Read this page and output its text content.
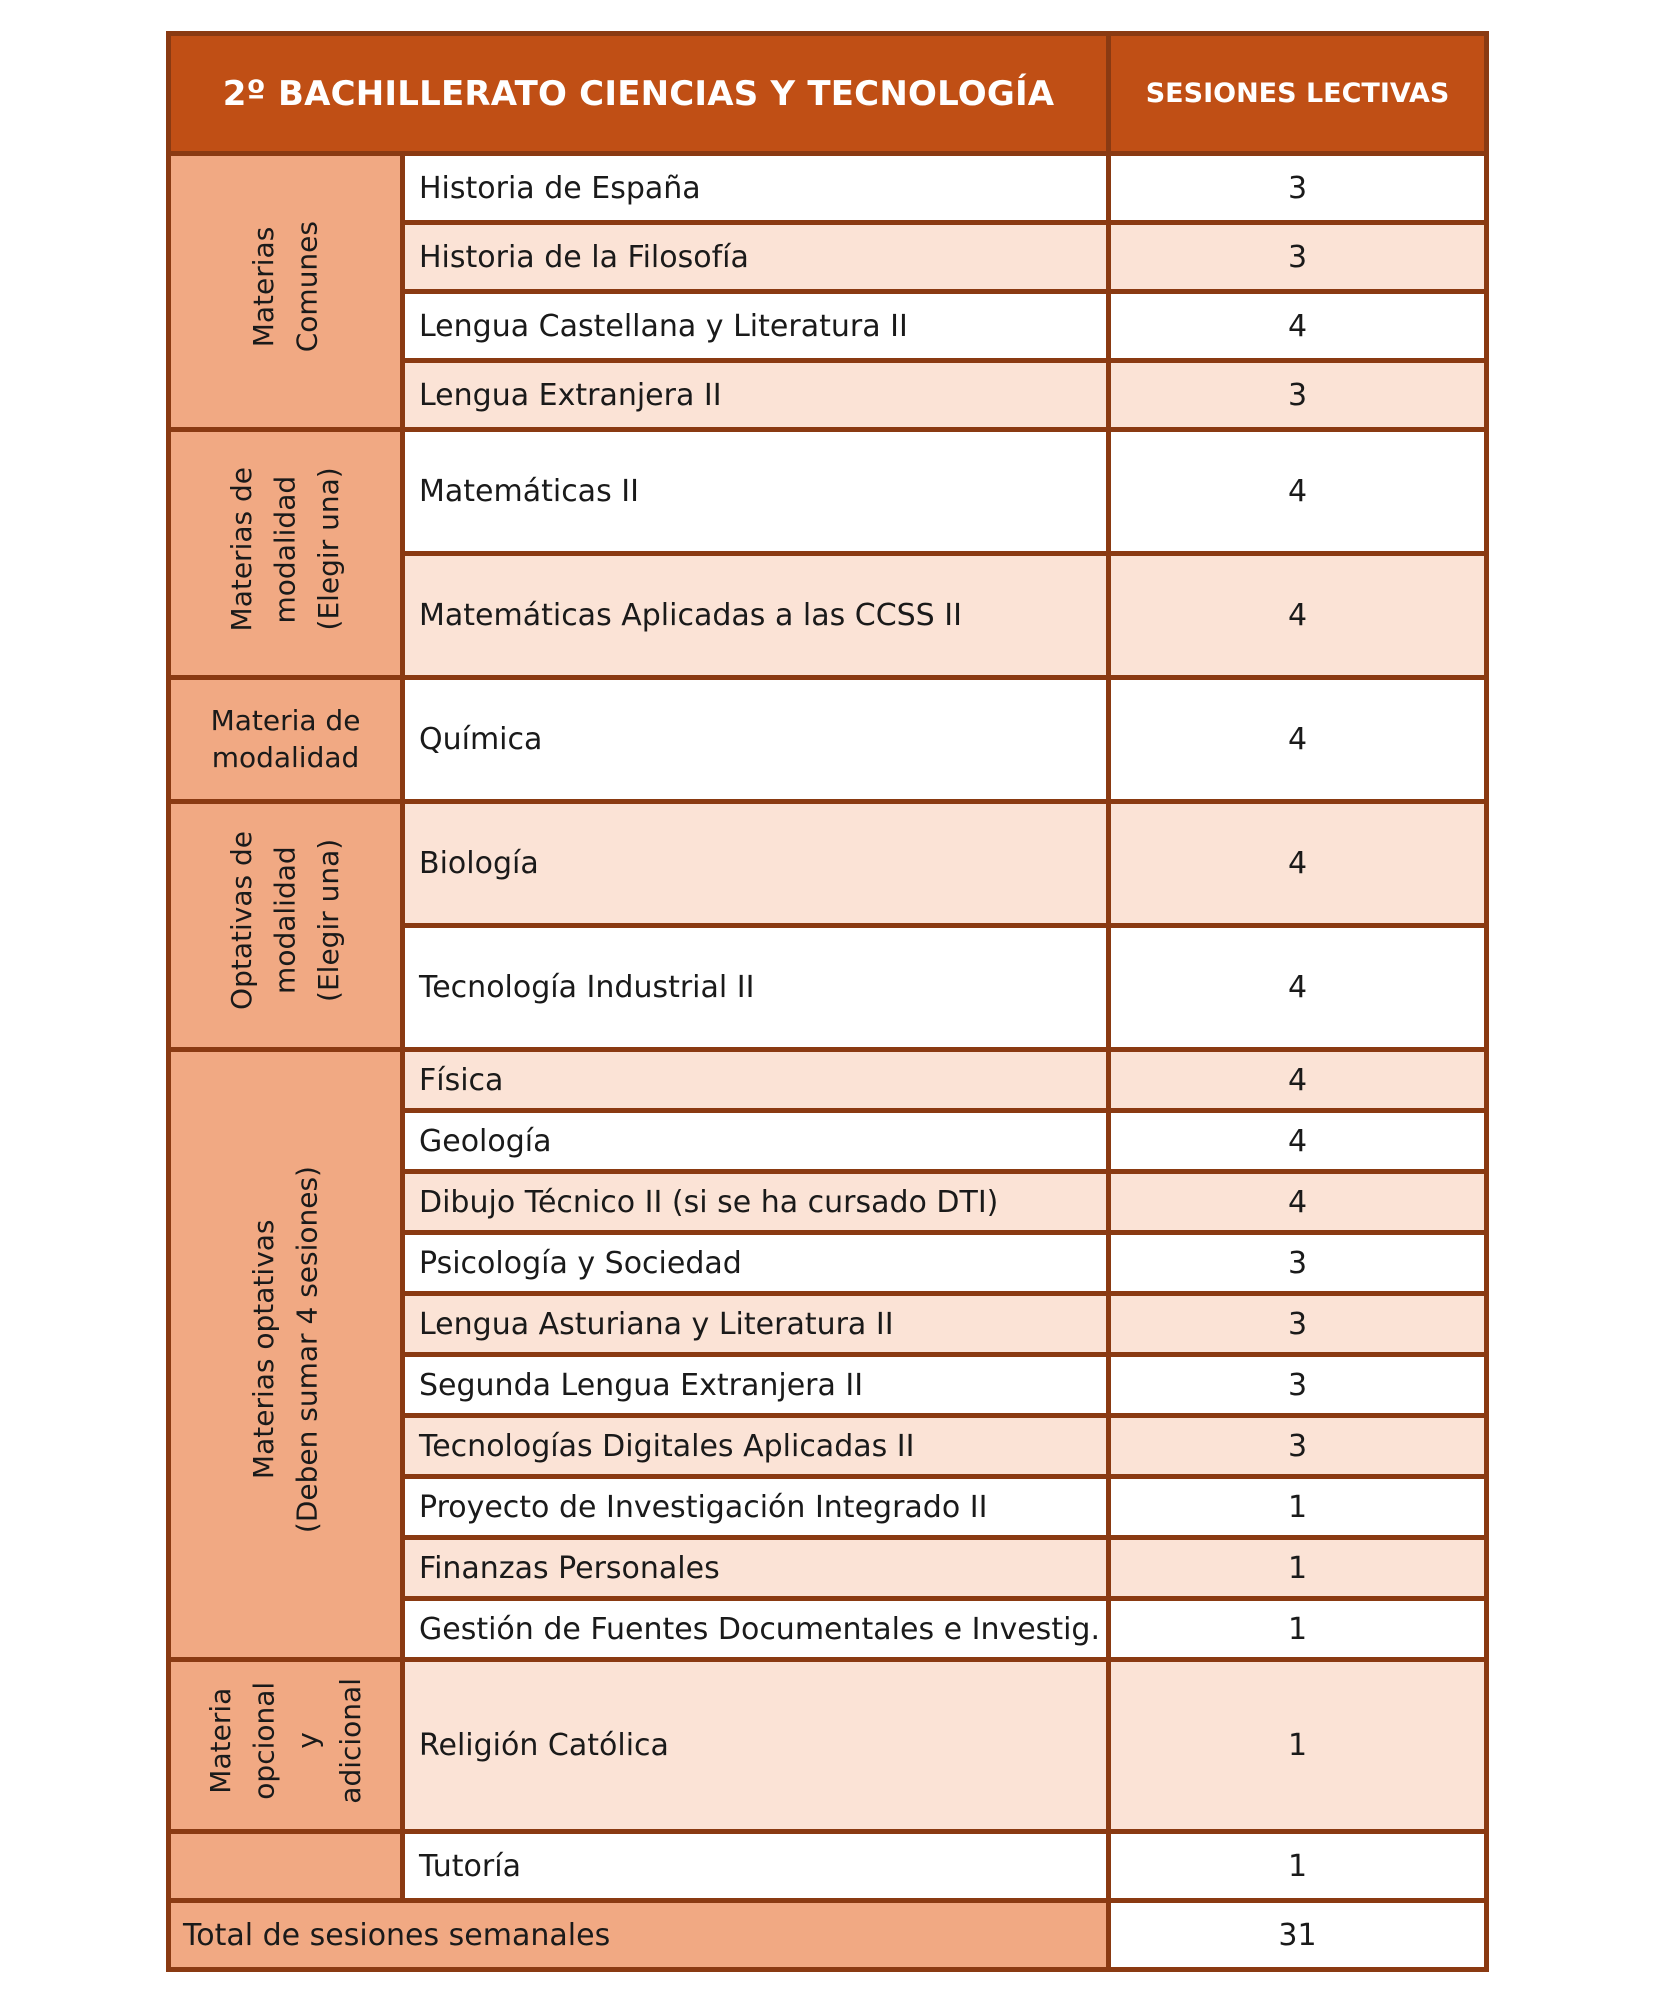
2º BACHILLERATO CIENCIAS Y TECNOLOGÍA		SESIONES LECTIVAS
Materias
Comunes	Historia de España	3
	Historia de la Filosofía	3
	Lengua Castellana y Literatura II	4
	Lengua Extranjera II	3
Materias de
modalidad
(Elegir una)	Matemáticas II	4
	Matemáticas Aplicadas a las CCSS II	4
Materia de modalidad	Química	4
Optativas de
modalidad
(Elegir una)	Biología	4
	Tecnología Industrial II	4
Materias optativas
(Deben sumar 4 sesiones)	Física	4
	Geología	4
	Dibujo Técnico II (si se ha cursado DTI)	4
	Psicología y Sociedad	3
	Lengua Asturiana y Literatura II	3
	Segunda Lengua Extranjera II	3
	Tecnologías Digitales Aplicadas II	3
	Proyecto de Investigación Integrado II	1
	Finanzas Personales	1
	Gestión de Fuentes Documentales e Investig.	1
Materia
opcional
y
adicional	Religión Católica	1
	Tutoría	1
Total de sesiones semanales		31
